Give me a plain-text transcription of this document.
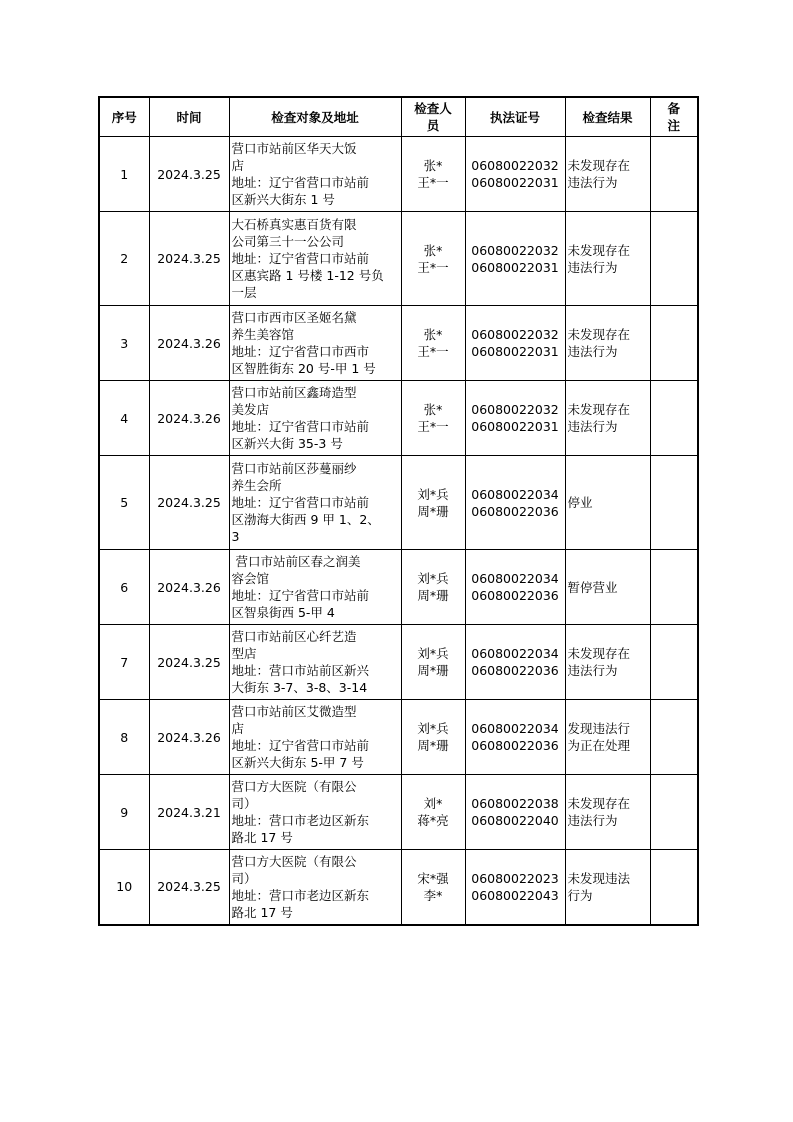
序号	时间	检查对象及地址	检查人员	执法证号	检查结果	备注
1	2024.3.25	营口市站前区华天大饭
店
地址：辽宁省营口市站前
区新兴大街东 1 号	张*
王*一	06080022032
06080022031	未发现存在
违法行为	

2	2024.3.25	大石桥真实惠百货有限
公司第三十一公公司
地址：辽宁省营口市站前
区惠宾路 1 号楼 1-12 号负
一层	张*
王*一	06080022032
06080022031	未发现存在
违法行为	

3	2024.3.26	营口市西市区圣姬名黛
养生美容馆
地址：辽宁省营口市西市
区智胜街东 20 号-甲 1 号	张*
王*一	06080022032
06080022031	未发现存在
违法行为	

4	2024.3.26	营口市站前区鑫琦造型
美发店
地址：辽宁省营口市站前
区新兴大街 35-3 号	张*
王*一	06080022032
06080022031	未发现存在
违法行为	

5	2024.3.25	营口市站前区莎蔓丽纱
养生会所
地址：辽宁省营口市站前
区渤海大街西 9 甲 1、2、
3	刘*兵
周*珊	06080022034
06080022036	停业	

6	2024.3.26	营口市站前区春之润美
容会馆
地址：辽宁省营口市站前
区智泉街西 5-甲 4	刘*兵
周*珊	06080022034
06080022036	暂停营业	

7	2024.3.25	营口市站前区心纤艺造
型店
地址：营口市站前区新兴
大街东 3-7、3-8、3-14	刘*兵
周*珊	06080022034
06080022036	未发现存在
违法行为	

8	2024.3.26	营口市站前区艾微造型
店
地址：辽宁省营口市站前
区新兴大街东 5-甲 7 号	刘*兵
周*珊	06080022034
06080022036	发现违法行
为正在处理	

9	2024.3.21	营口方大医院（有限公
司）
地址：营口市老边区新东
路北 17 号	刘*
蒋*亮	06080022038
06080022040	未发现存在
违法行为	

10	2024.3.25	营口方大医院（有限公
司）
地址：营口市老边区新东
路北 17 号	宋*强
李*	06080022023
06080022043	未发现违法
行为	
